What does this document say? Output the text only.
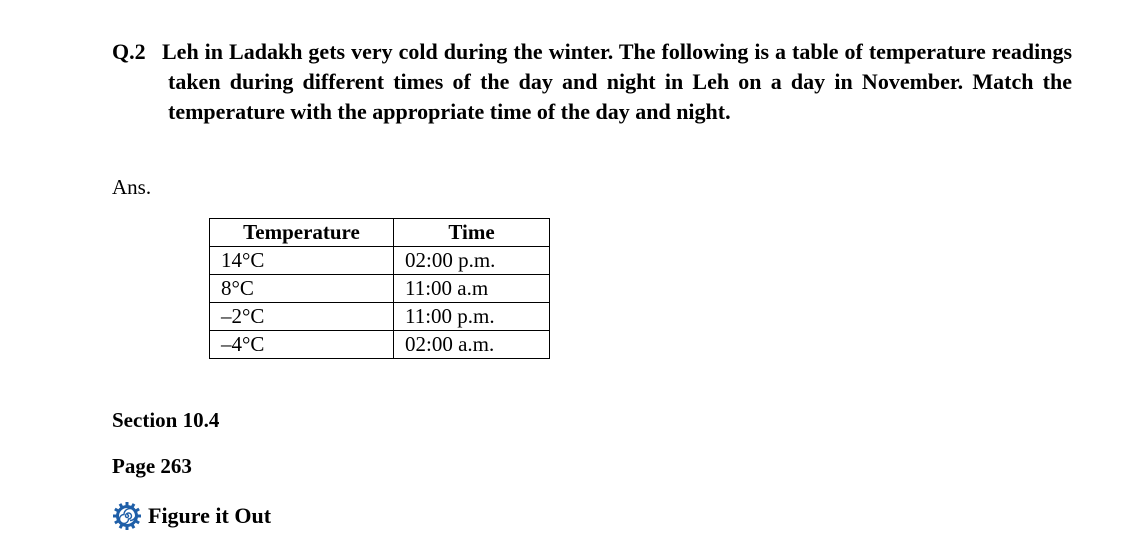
Q.2 Leh in Ladakh gets very cold during the winter. The following is a table of temperature readings taken during different times of the day and night in Leh on a day in November. Match the temperature with the appropriate time of the day and night.
Ans.
Temperature	Time
14°C	02:00 p.m.
8°C	11:00 a.m
–2°C	11:00 p.m.
–4°C	02:00 a.m.
Section 10.4
Page 263
Figure it Out
